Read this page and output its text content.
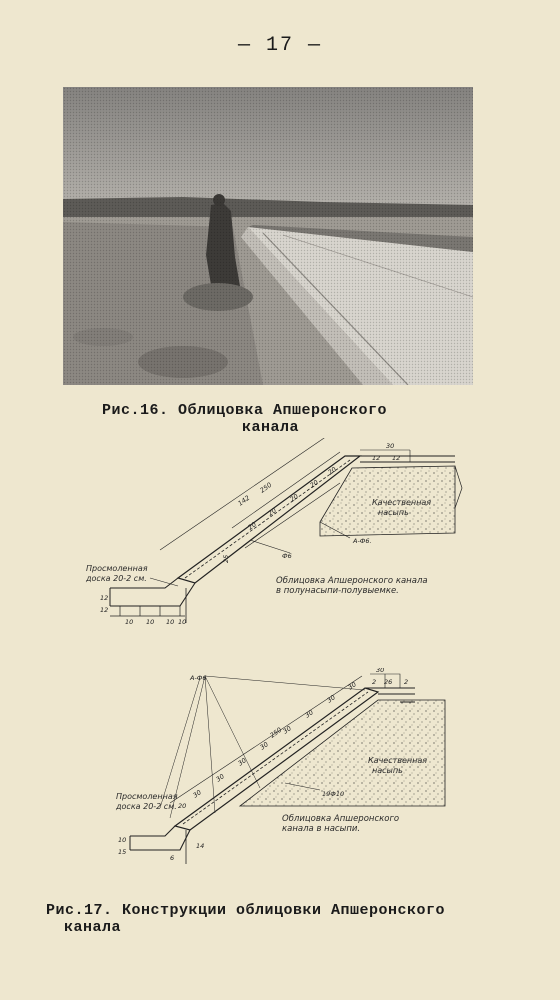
— 17 —
Рис.16. Облицовка Апшеронского
канала
30
12 12
250
20
20
20
20
20
142
25
10 10 10 10
12
12
А-Ф6.
Ф6
Качественная
насыпь
Просмоленная
доска 20-2 см.	Облицовка Апшеронского канала
в полунасыпи-полувыемке.
А-Ф6
30
26
2	2
250
30
30
30
30
30
30
30
30
20
10
15
14
6
19Ф10
Качественная
насыпь
Просмоленная
доска 20-2 см.
Облицовка Апшеронского
канала в насыпи.
Рис.17. Конструкции облицовки Апшеронского
канала
